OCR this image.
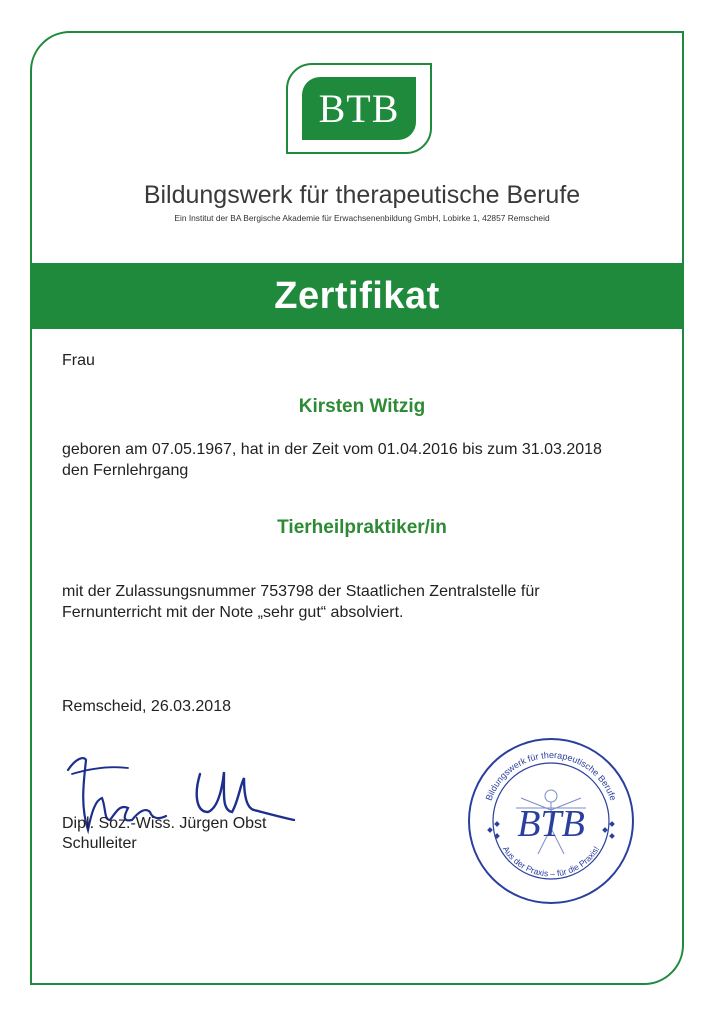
BTB
Bildungswerk für therapeutische Berufe
Ein Institut der BA Bergische Akademie für Erwachsenenbildung GmbH, Lobirke 1, 42857 Remscheid
Zertifikat
Frau
Kirsten Witzig
geboren am 07.05.1967, hat in der Zeit vom 01.04.2016 bis zum 31.03.2018
den Fernlehrgang
Tierheilpraktiker/in
mit der Zulassungsnummer 753798 der Staatlichen Zentralstelle für
Fernunterricht mit der Note „sehr gut“ absolviert.
Remscheid, 26.03.2018
Dipl. Soz.-Wiss. Jürgen Obst
Schulleiter
Bildungswerk für therapeutische Berufe
Aus der Praxis – für die Praxis!
BTB
